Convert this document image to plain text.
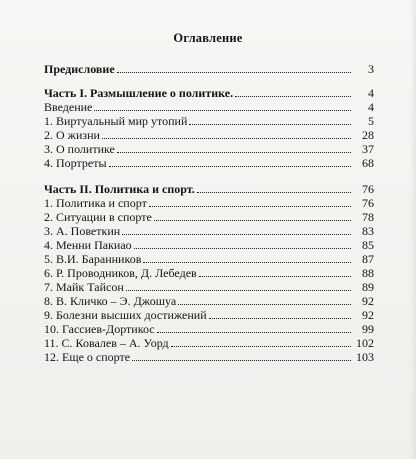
Оглавление
Предисловие	3
Часть I. Размышление о политике.	4
Введение	4
1. Виртуальный мир утопий	5
2. О жизни	28
3. О политике	37
4. Портреты	68
Часть II. Политика и спорт.	76
1. Политика и спорт	76
2. Ситуации в спорте	78
3. А. Поветкин	83
4. Менни Пакиао	85
5. В.И. Баранников	87
6. Р. Проводников, Д. Лебедев	88
7. Майк Тайсон	89
8. В. Кличко – Э. Джошуа	92
9. Болезни высших достижений	92
10. Гассиев-Дортикос	99
11. С. Ковалев – А. Уорд	102
12. Еще о спорте	103
